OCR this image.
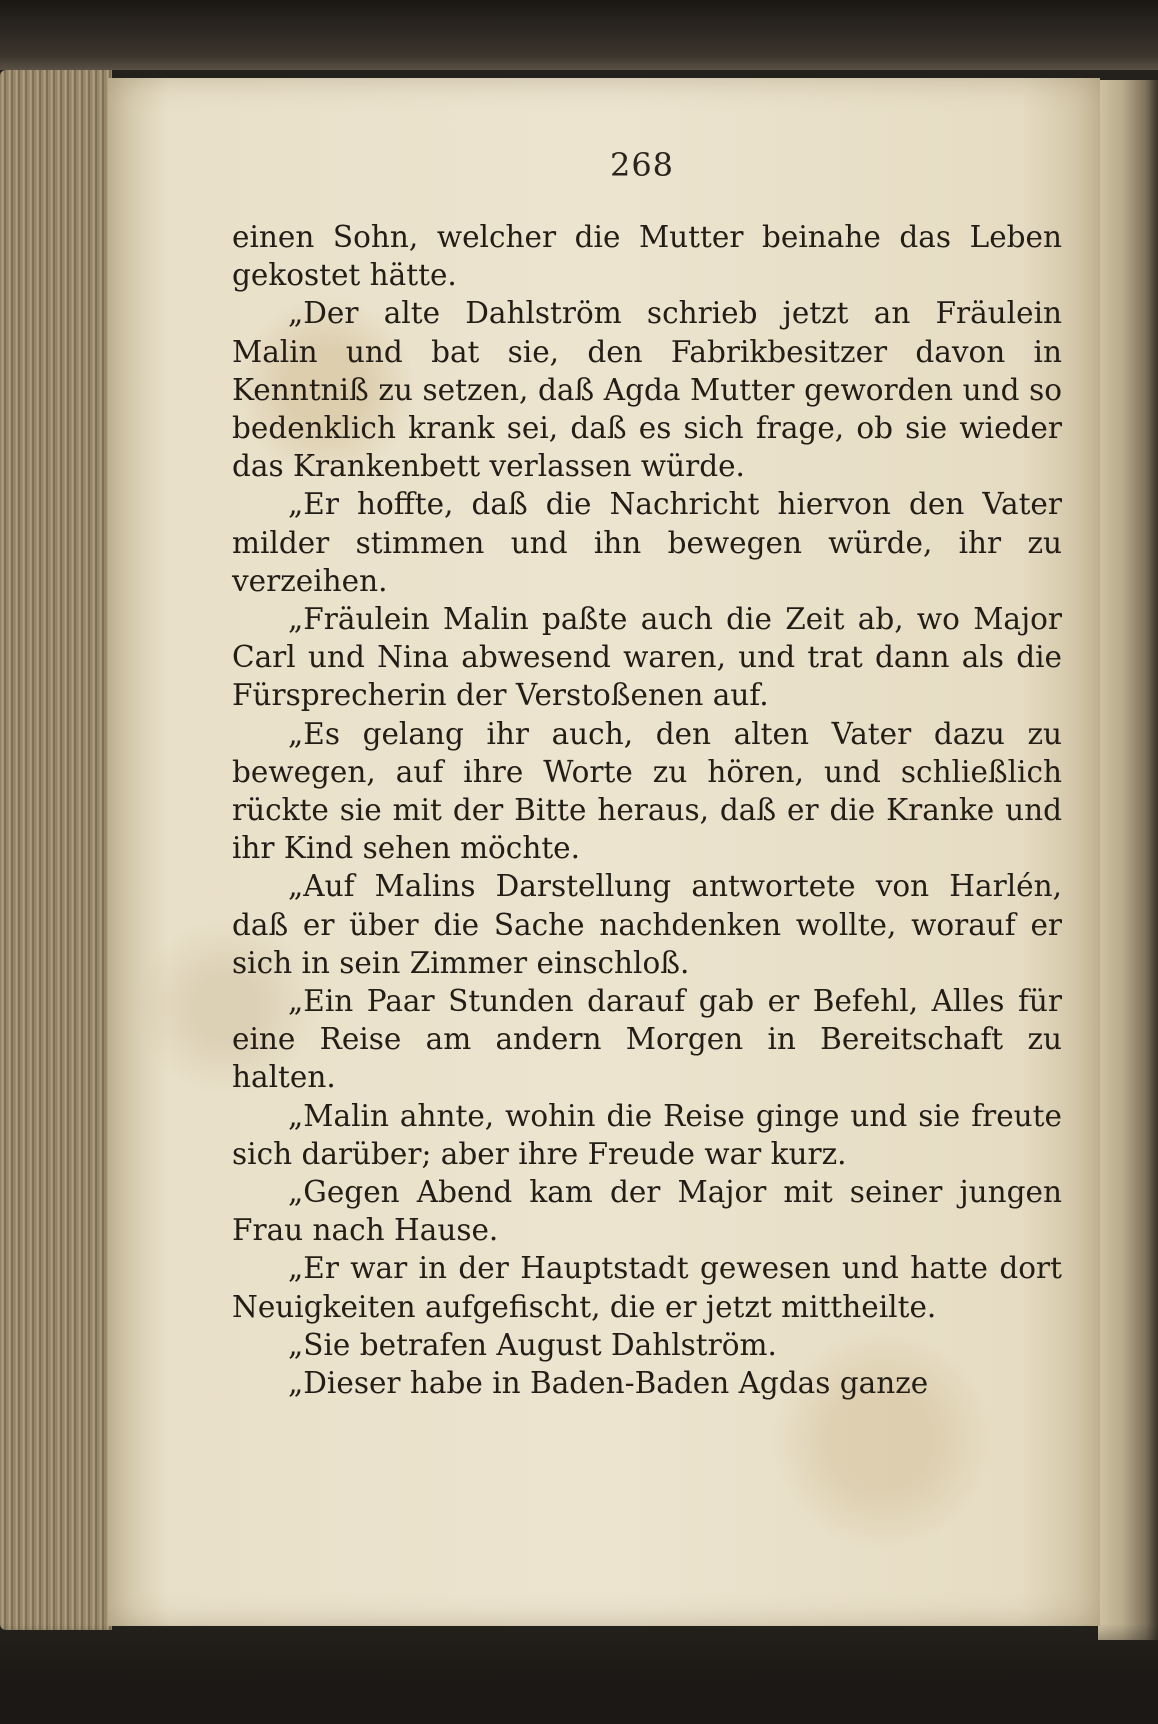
268

einen Sohn, welcher die Mutter beinahe das Leben gekostet hätte.

„Der alte Dahlström schrieb jetzt an Fräulein Malin und bat sie, den Fabrikbesitzer davon in Kenntniß zu setzen, daß Agda Mutter geworden und so bedenklich krank sei, daß es sich frage, ob sie wieder das Krankenbett verlassen würde.

„Er hoffte, daß die Nachricht hiervon den Vater milder stimmen und ihn bewegen würde, ihr zu verzeihen.

„Fräulein Malin paßte auch die Zeit ab, wo Major Carl und Nina abwesend waren, und trat dann als die Fürsprecherin der Verstoßenen auf.

„Es gelang ihr auch, den alten Vater dazu zu bewegen, auf ihre Worte zu hören, und schließlich rückte sie mit der Bitte heraus, daß er die Kranke und ihr Kind sehen möchte.

„Auf Malins Darstellung antwortete von Harlén, daß er über die Sache nachdenken wollte, worauf er sich in sein Zimmer einschloß.

„Ein Paar Stunden darauf gab er Befehl, Alles für eine Reise am andern Morgen in Bereitschaft zu halten.

„Malin ahnte, wohin die Reise ginge und sie freute sich darüber; aber ihre Freude war kurz.

„Gegen Abend kam der Major mit seiner jungen Frau nach Hause.

„Er war in der Hauptstadt gewesen und hatte dort Neuigkeiten aufgefischt, die er jetzt mittheilte.

„Sie betrafen August Dahlström.

„Dieser habe in Baden-Baden Agdas ganze
